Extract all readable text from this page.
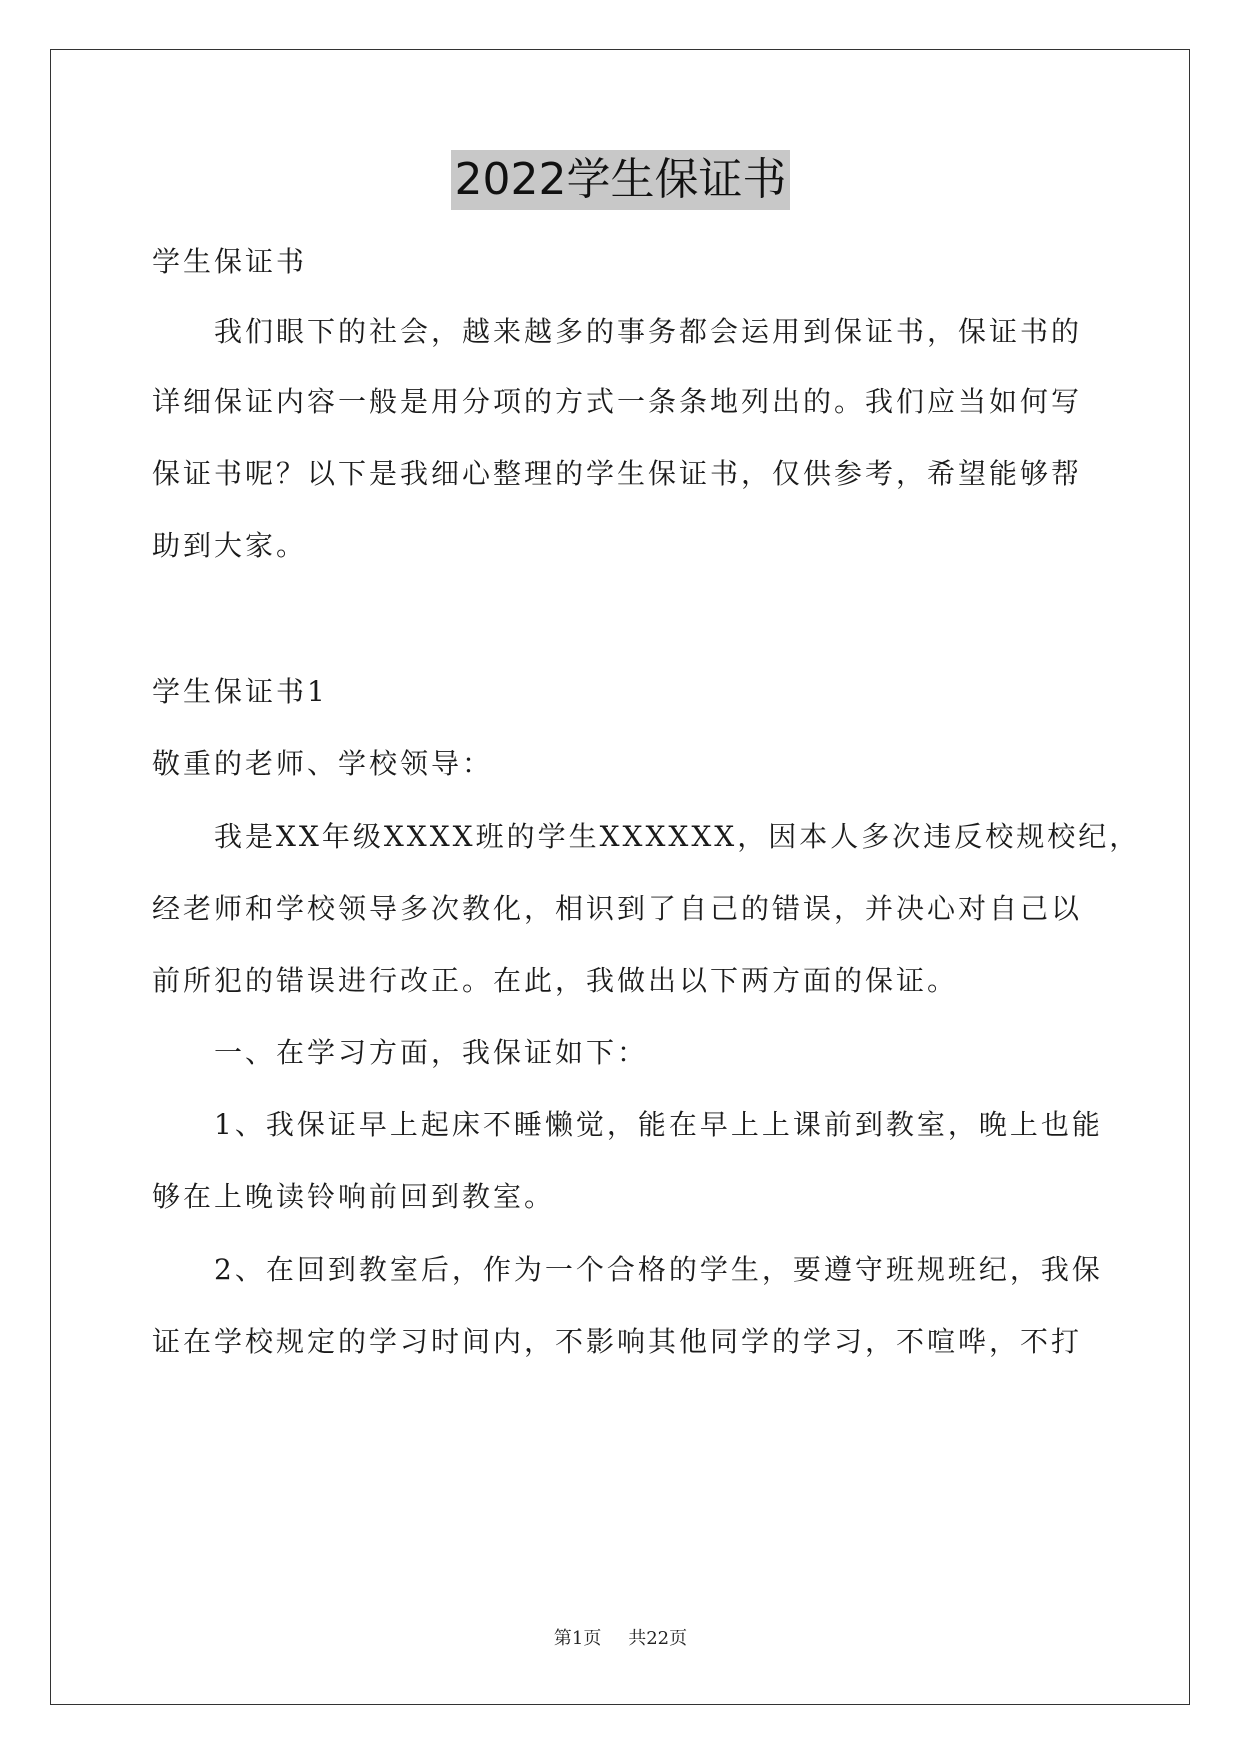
2022学生保证书
学生保证书
我们眼下的社会，越来越多的事务都会运用到保证书，保证书的
详细保证内容一般是用分项的方式一条条地列出的。我们应当如何写
保证书呢？以下是我细心整理的学生保证书，仅供参考，希望能够帮
助到大家。
学生保证书1
敬重的老师、学校领导：
我是XX年级XXXX班的学生XXXXXX，因本人多次违反校规校纪，
经老师和学校领导多次教化，相识到了自己的错误，并决心对自己以
前所犯的错误进行改正。在此，我做出以下两方面的保证。
一、在学习方面，我保证如下：
1、我保证早上起床不睡懒觉，能在早上上课前到教室，晚上也能
够在上晚读铃响前回到教室。
2、在回到教室后，作为一个合格的学生，要遵守班规班纪，我保
证在学校规定的学习时间内，不影响其他同学的学习，不喧哗，不打
第1页 共22页
